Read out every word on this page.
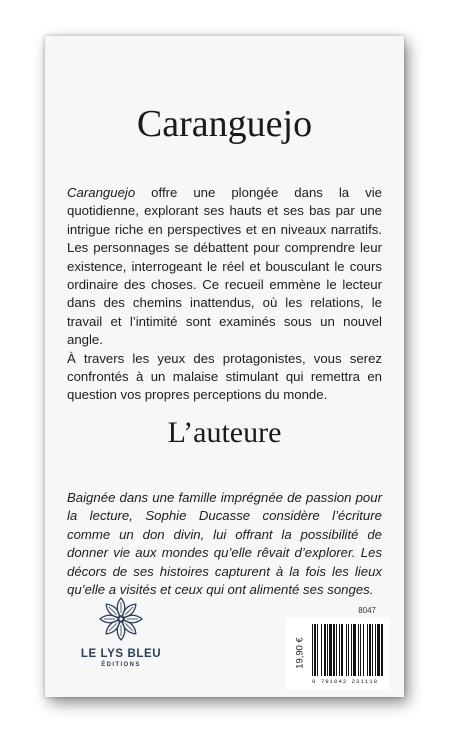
Caranguejo

Caranguejo offre une plongée dans la vie quotidienne, explorant ses hauts et ses bas par une intrigue riche en perspectives et en niveaux narratifs. Les personnages se débattent pour comprendre leur existence, interrogeant le réel et bousculant le cours ordinaire des choses. Ce recueil emmène le lecteur dans des chemins inattendus, où les relations, le travail et l’intimité sont examinés sous un nouvel angle.

À travers les yeux des protagonistes, vous serez confrontés à un malaise stimulant qui remettra en question vos propres perceptions du monde.

L’auteure

Baignée dans une famille imprégnée de passion pour la lecture, Sophie Ducasse considère l’écriture comme un don divin, lui offrant la possibilité de donner vie aux mondes qu’elle rêvait d’explorer. Les décors de ses histoires capturent à la fois les lieux qu’elle a visités et ceux qui ont alimenté ses songes.

LE LYS BLEU
ÉDITIONS
8047
19,90 €
9 791042 231118
